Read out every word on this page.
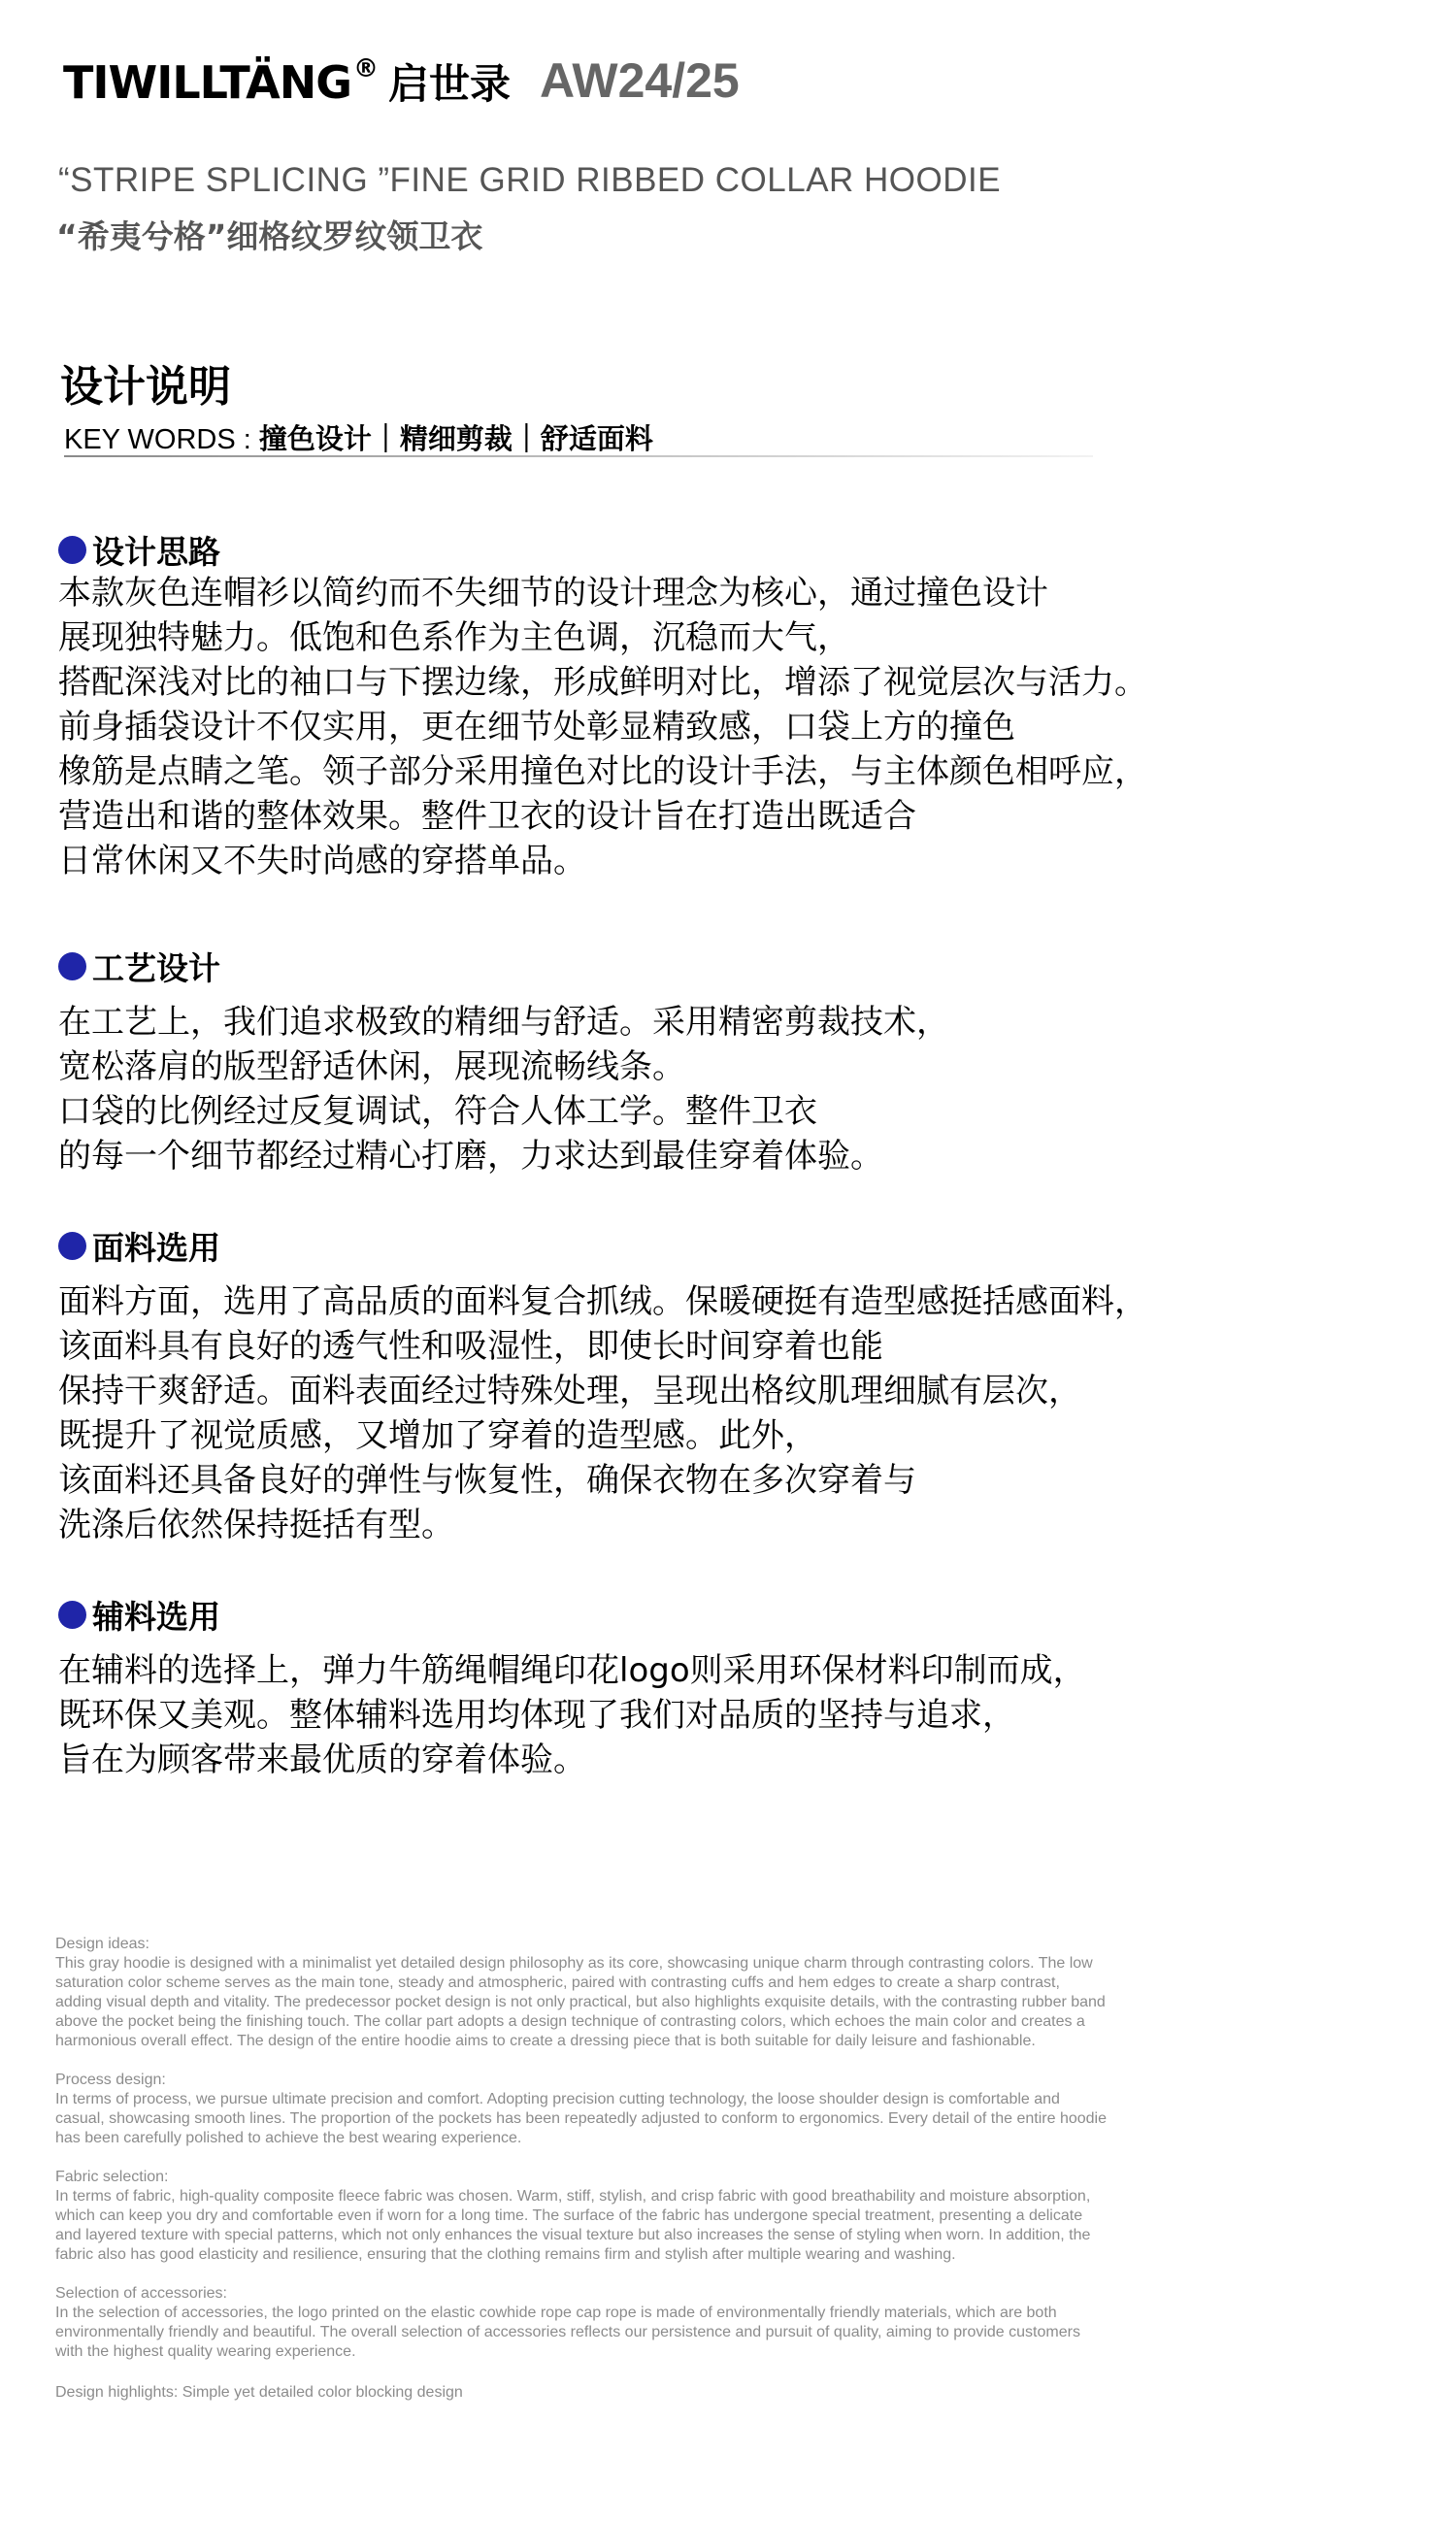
TIWILLTÄNG ® 启世录 AW24/25
“STRIPE SPLICING ”FINE GRID RIBBED COLLAR HOODIE
“希夷兮格”细格纹罗纹领卫衣
设计说明
KEY WORDS : 撞色设计｜精细剪裁｜舒适面料
设计思路
本款灰色连帽衫以简约而不失细节的设计理念为核心，通过撞色设计
展现独特魅力。低饱和色系作为主色调，沉稳而大气，
搭配深浅对比的袖口与下摆边缘，形成鲜明对比，增添了视觉层次与活力。
前身插袋设计不仅实用，更在细节处彰显精致感，口袋上方的撞色
橡筋是点睛之笔。领子部分采用撞色对比的设计手法，与主体颜色相呼应，
营造出和谐的整体效果。整件卫衣的设计旨在打造出既适合
日常休闲又不失时尚感的穿搭单品。
工艺设计
在工艺上，我们追求极致的精细与舒适。采用精密剪裁技术，
宽松落肩的版型舒适休闲，展现流畅线条。
口袋的比例经过反复调试，符合人体工学。整件卫衣
的每一个细节都经过精心打磨，力求达到最佳穿着体验。
面料选用
面料方面，选用了高品质的面料复合抓绒。保暖硬挺有造型感挺括感面料，
该面料具有良好的透气性和吸湿性，即使长时间穿着也能
保持干爽舒适。面料表面经过特殊处理，呈现出格纹肌理细腻有层次，
既提升了视觉质感，又增加了穿着的造型感。此外，
该面料还具备良好的弹性与恢复性，确保衣物在多次穿着与
洗涤后依然保持挺括有型。
辅料选用
在辅料的选择上，弹力牛筋绳帽绳印花logo则采用环保材料印制而成，
既环保又美观。整体辅料选用均体现了我们对品质的坚持与追求，
旨在为顾客带来最优质的穿着体验。
Design ideas:
This gray hoodie is designed with a minimalist yet detailed design philosophy as its core, showcasing unique charm through contrasting colors. The low
saturation color scheme serves as the main tone, steady and atmospheric, paired with contrasting cuffs and hem edges to create a sharp contrast,
adding visual depth and vitality. The predecessor pocket design is not only practical, but also highlights exquisite details, with the contrasting rubber band
above the pocket being the finishing touch. The collar part adopts a design technique of contrasting colors, which echoes the main color and creates a
harmonious overall effect. The design of the entire hoodie aims to create a dressing piece that is both suitable for daily leisure and fashionable.
Process design:
In terms of process, we pursue ultimate precision and comfort. Adopting precision cutting technology, the loose shoulder design is comfortable and
casual, showcasing smooth lines. The proportion of the pockets has been repeatedly adjusted to conform to ergonomics. Every detail of the entire hoodie
has been carefully polished to achieve the best wearing experience.
Fabric selection:
In terms of fabric, high-quality composite fleece fabric was chosen. Warm, stiff, stylish, and crisp fabric with good breathability and moisture absorption,
which can keep you dry and comfortable even if worn for a long time. The surface of the fabric has undergone special treatment, presenting a delicate
and layered texture with special patterns, which not only enhances the visual texture but also increases the sense of styling when worn. In addition, the
fabric also has good elasticity and resilience, ensuring that the clothing remains firm and stylish after multiple wearing and washing.
Selection of accessories:
In the selection of accessories, the logo printed on the elastic cowhide rope cap rope is made of environmentally friendly materials, which are both
environmentally friendly and beautiful. The overall selection of accessories reflects our persistence and pursuit of quality, aiming to provide customers
with the highest quality wearing experience.
Design highlights: Simple yet detailed color blocking design
